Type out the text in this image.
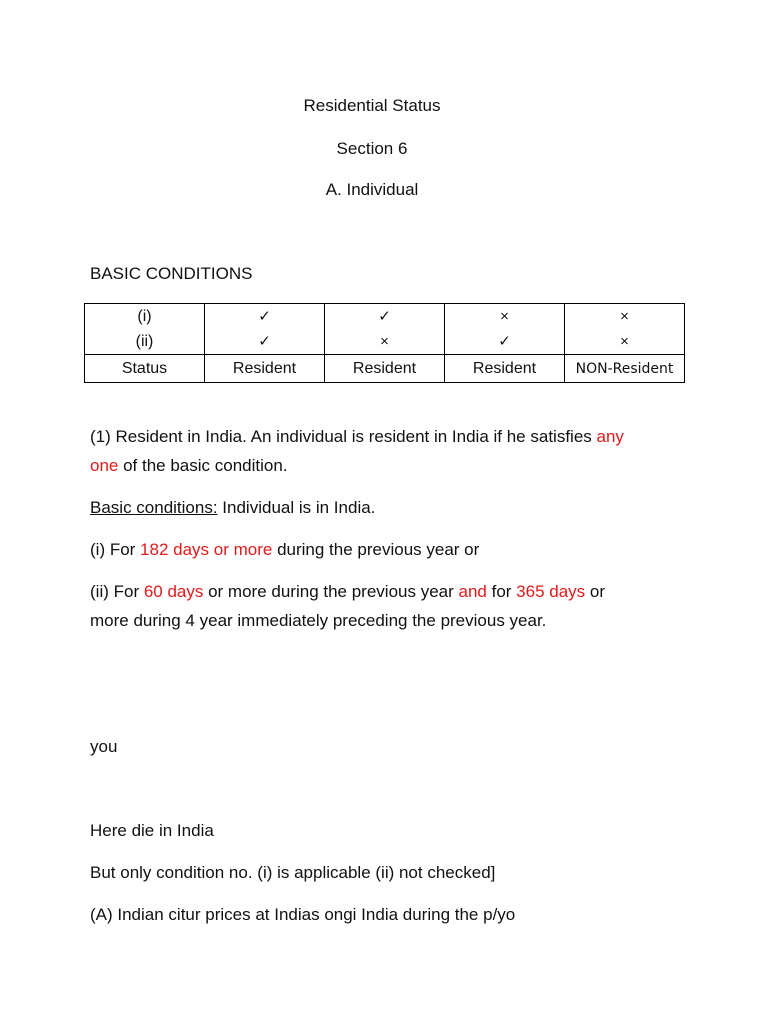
Residential Status
Section 6
A. Individual
BASIC CONDITIONS
(i)	✓	✓	×	×
(ii)	✓	×	✓	×
Status	Resident	Resident	Resident	NON-Resident
(1) Resident in India. An individual is resident in India if he satisfies any
one of the basic condition.
Basic conditions: Individual is in India.
(i) For 182 days or more during the previous year or
(ii) For 60 days or more during the previous year and for 365 days or
more during 4 year immediately preceding the previous year.
you
Here die in India
But only condition no. (i) is applicable (ii) not checked]
(A) Indian citur prices at Indias ongi India during the p/yo
